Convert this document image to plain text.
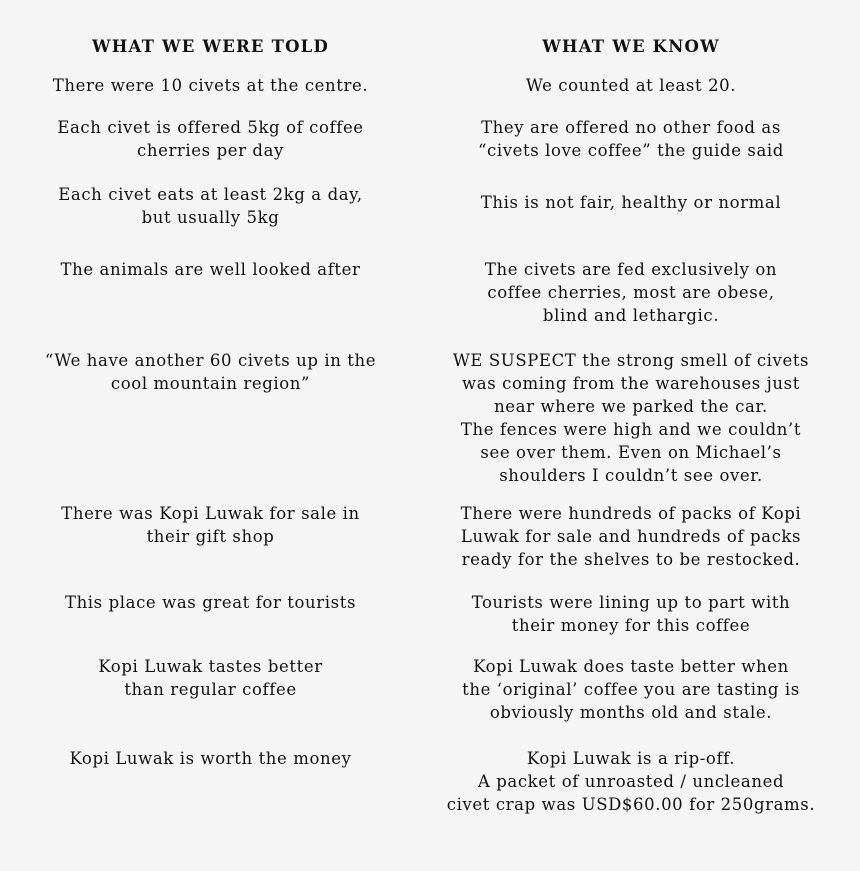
WHAT WE WERE TOLD
There were 10 civets at the centre.
Each civet is offered 5kg of coffee
cherries per day
Each civet eats at least 2kg a day,
but usually 5kg
The animals are well looked after
“We have another 60 civets up in the
cool mountain region”
There was Kopi Luwak for sale in
their gift shop
This place was great for tourists
Kopi Luwak tastes better
than regular coffee
Kopi Luwak is worth the money
WHAT WE KNOW
We counted at least 20.
They are offered no other food as
“civets love coffee” the guide said
This is not fair, healthy or normal
The civets are fed exclusively on
coffee cherries, most are obese,
blind and lethargic.
WE SUSPECT the strong smell of civets
was coming from the warehouses just
near where we parked the car.
The fences were high and we couldn’t
see over them. Even on Michael’s
shoulders I couldn’t see over.
There were hundreds of packs of Kopi
Luwak for sale and hundreds of packs
ready for the shelves to be restocked.
Tourists were lining up to part with
their money for this coffee
Kopi Luwak does taste better when
the ‘original’ coffee you are tasting is
obviously months old and stale.
Kopi Luwak is a rip-off.
A packet of unroasted / uncleaned
civet crap was USD$60.00 for 250grams.
